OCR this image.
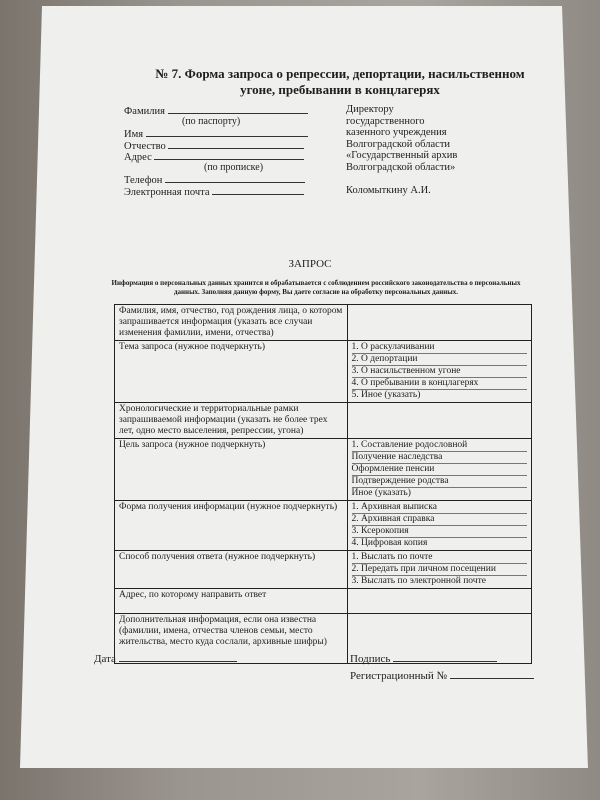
№ 7. Форма запроса о репрессии, депортации, насильственном
угоне, пребывании в концлагерях
Фамилия
(по паспорту)
Имя
Отчество
Адрес
(по прописке)
Телефон
Электронная почта
Директору
государственного
казенного учреждения
Волгоградской области
«Государственный архив
Волгоградской области»
Коломыткину А.И.
ЗАПРОС
Информация о персональных данных хранится и обрабатывается с соблюдением российского законодательства о персональных данных. Заполняя данную форму, Вы даете согласие на обработку персональных данных.
Фамилия, имя, отчество, год рождения лица, о котором запрашивается информация (указать все случаи изменения фамилии, имени, отчества)	
Тема запроса (нужное подчеркнуть)	1. О раскулачивании
2. О депортации
3. О насильственном угоне
4. О пребывании в концлагерях
5. Иное (указать)

Хронологические и территориальные рамки запрашиваемой информации (указать не более трех лет, одно место выселения, репрессии, угона)	
Цель запроса (нужное подчеркнуть)	1. Составление родословной
Получение наследства
Оформление пенсии
Подтверждение родства
Иное (указать)

Форма получения информации (нужное подчеркнуть)	1. Архивная выписка
2. Архивная справка
3. Ксерокопия
4. Цифровая копия

Способ получения ответа (нужное подчеркнуть)	1. Выслать по почте
2. Передать при личном посещении
3. Выслать по электронной почте

Адрес, по которому направить ответ	
Дополнительная информация, если она известна (фамилии, имена, отчества членов семьи, место жительства, место куда сослали, архивные шифры)	
Дата	Подпись
Регистрационный №
